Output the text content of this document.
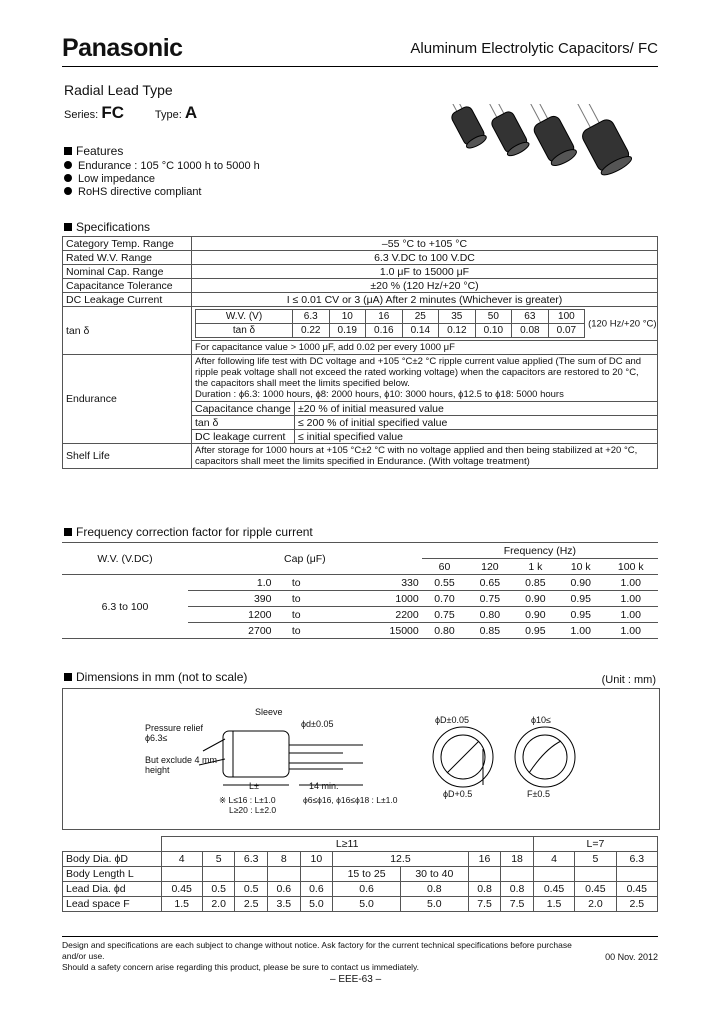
Panasonic	Aluminum Electrolytic Capacitors/ FC
Radial Lead Type
Series: FC	Type: A
Features
Endurance : 105 °C 1000 h to 5000 h
Low impedance
RoHS directive compliant
Specifications
Category Temp. Range	–55 °C to +105 °C
Rated W.V. Range	6.3 V.DC to 100 V.DC
Nominal Cap. Range	1.0 μF to 15000 μF
Capacitance Tolerance	±20 % (120 Hz/+20 °C)
DC Leakage Current	I ≤ 0.01 CV or 3 (μA) After 2 minutes (Whichever is greater)
tan δ	W.V. (V)	6.3	10	16	25	35	50	63	100
tan δ	0.22	0.19	0.16	0.14	0.12	0.10	0.08	0.07 (120 Hz/+20 °C)
For capacitance value > 1000 μF, add 0.02 per every 1000 μF
Endurance	
After following life test with DC voltage and +105 °C±2 °C ripple current value applied (The sum of DC and ripple peak voltage shall not exceed the rated working voltage) when the capacitors are restored to 20 °C, the capacitors shall meet the limits specified below.
Duration : ϕ6.3: 1000 hours, ϕ8: 2000 hours, ϕ10: 3000 hours, ϕ12.5 to ϕ18: 5000 hours

Capacitance change	±20 % of initial measured value
tan δ	≤ 200 % of initial specified value
DC leakage current	≤ initial specified value
Shelf Life	After storage for 1000 hours at +105 °C±2 °C with no voltage applied and then being stabilized at +20 °C, capacitors shall meet the limits specified in Endurance. (With voltage treatment)
Frequency correction factor for ripple current
W.V. (V.DC)	Cap (μF)			Frequency (Hz)				
				60	120	1 k	10 k	100 k
6.3 to 100	1.0	to	330	0.55	0.65	0.85	0.90	1.00
	390	to	1000	0.70	0.75	0.90	0.95	1.00
	1200	to	2200	0.75	0.80	0.90	0.95	1.00
	2700	to	15000	0.80	0.85	0.95	1.00	1.00
Dimensions in mm (not to scale)	(Unit : mm)
Sleeve
Pressure relief
ϕ6.3≤
But exclude 4 mm
height
ϕd±0.05
L±	14 min.
※ L≤16 : L±1.0
L≥20 : L±2.0
ϕ6≤ϕ16, ϕ16≤ϕ18 : L±1.0
ϕD±0.05
ϕD+0.5
ϕ10≤
F±0.5
	L≥11									L=7		
Body Dia. ϕD	4	5	6.3	8	10	12.5		16	18	4	5	6.3
Body Length L						15 to 25	30 to 40					
Lead Dia. ϕd	0.45	0.5	0.5	0.6	0.6	0.6	0.8	0.8	0.8	0.45	0.45	0.45
Lead space F	1.5	2.0	2.5	3.5	5.0	5.0	5.0	7.5	7.5	1.5	2.0	2.5
Design and specifications are each subject to change without notice. Ask factory for the current technical specifications before purchase and/or use.
Should a safety concern arise regarding this product, please be sure to contact us immediately.
00 Nov. 2012
– EEE-63 –
